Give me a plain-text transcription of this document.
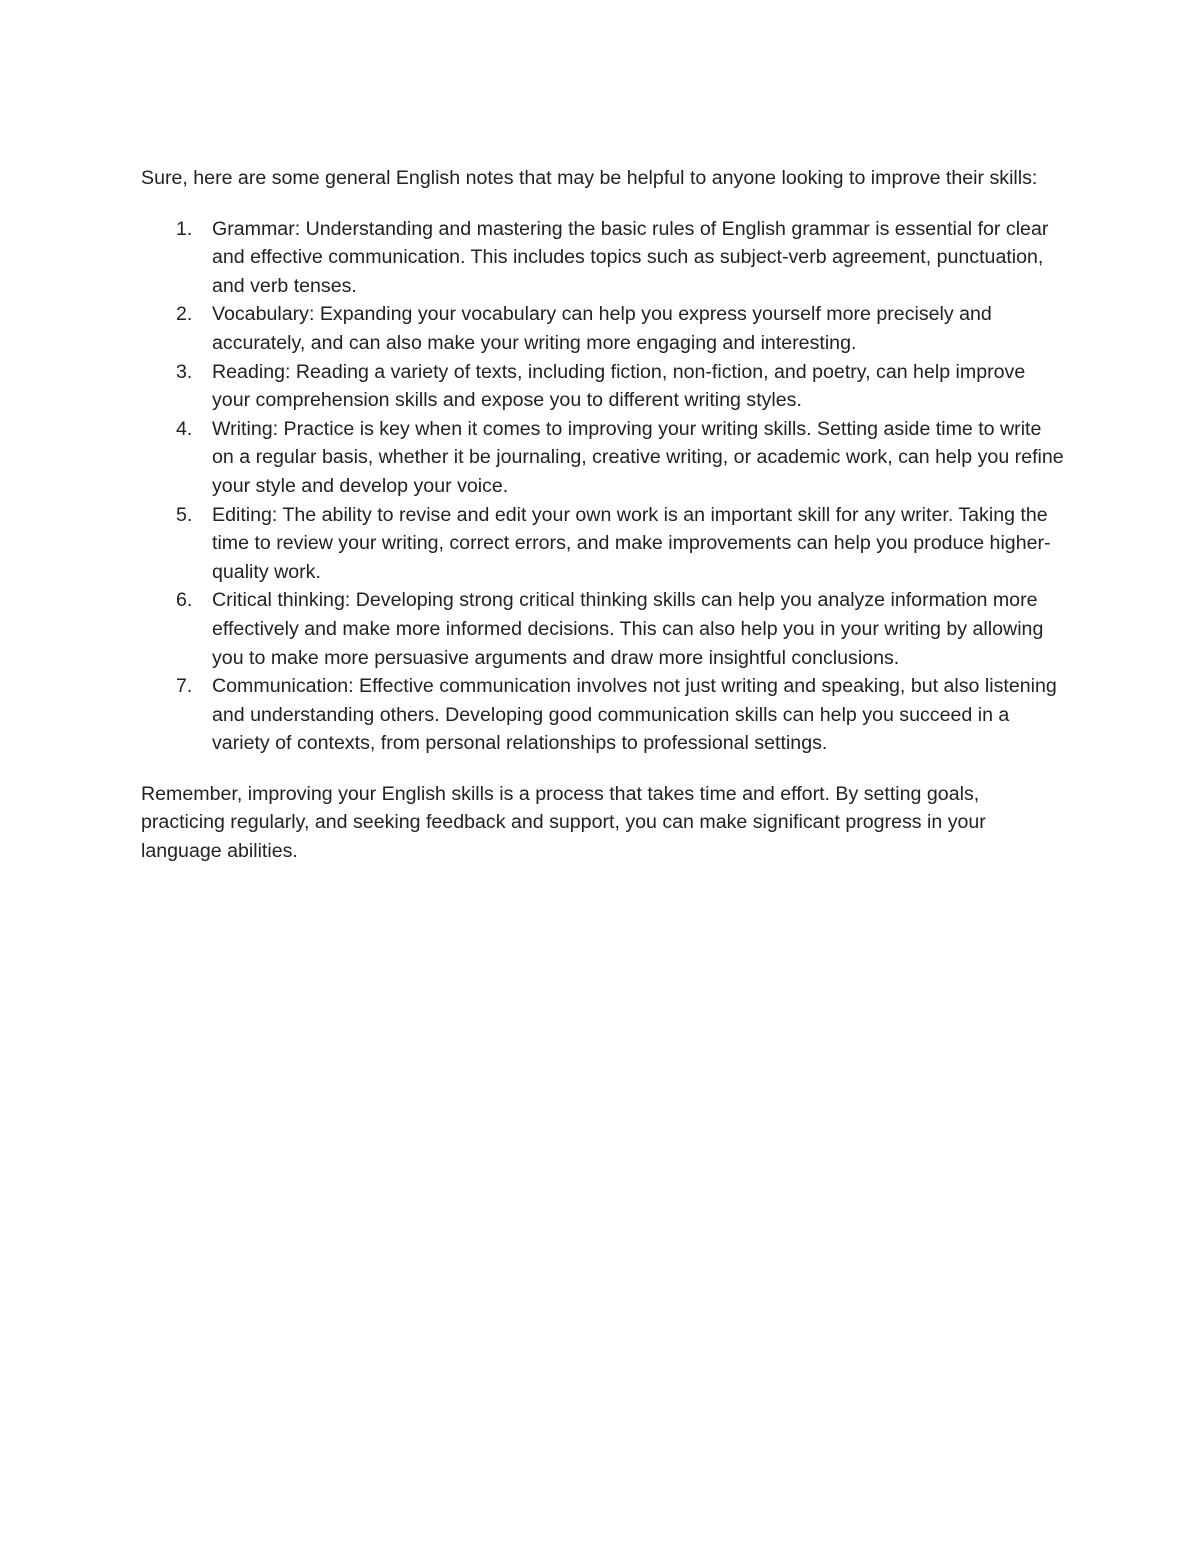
Sure, here are some general English notes that may be helpful to anyone looking to improve their skills:

1. Grammar: Understanding and mastering the basic rules of English grammar is essential for clear and effective communication. This includes topics such as subject-verb agreement, punctuation, and verb tenses.
2. Vocabulary: Expanding your vocabulary can help you express yourself more precisely and accurately, and can also make your writing more engaging and interesting.
3. Reading: Reading a variety of texts, including fiction, non-fiction, and poetry, can help improve your comprehension skills and expose you to different writing styles.
4. Writing: Practice is key when it comes to improving your writing skills. Setting aside time to write on a regular basis, whether it be journaling, creative writing, or academic work, can help you refine your style and develop your voice.
5. Editing: The ability to revise and edit your own work is an important skill for any writer. Taking the time to review your writing, correct errors, and make improvements can help you produce higher-quality work.
6. Critical thinking: Developing strong critical thinking skills can help you analyze information more effectively and make more informed decisions. This can also help you in your writing by allowing you to make more persuasive arguments and draw more insightful conclusions.
7. Communication: Effective communication involves not just writing and speaking, but also listening and understanding others. Developing good communication skills can help you succeed in a variety of contexts, from personal relationships to professional settings.

Remember, improving your English skills is a process that takes time and effort. By setting goals, practicing regularly, and seeking feedback and support, you can make significant progress in your language abilities.
